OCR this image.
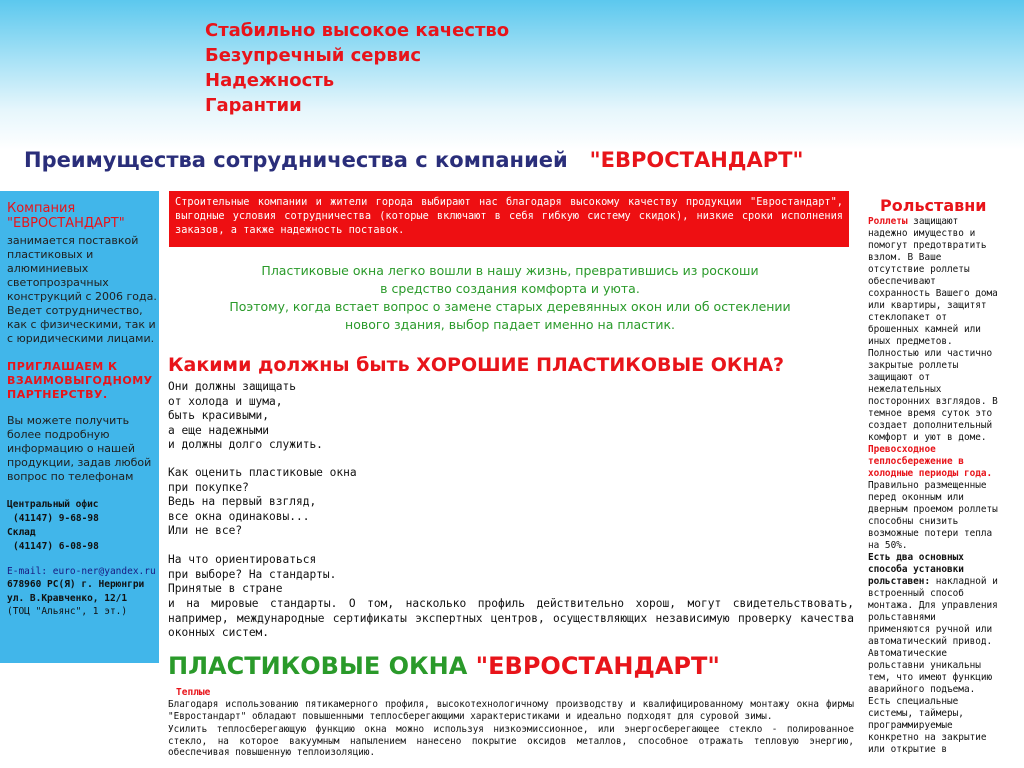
Стабильно высокое качество
Безупречный сервис
Надежность
Гарантии
Преимущества сотрудничества с компанией "ЕВРОСТАНДАРТ"
Компания "ЕВРОСТАНДАРТ"
занимается поставкой пластиковых и алюминиевых светопрозрачных конструкций с 2006 года. Ведет сотрудничество, как с физическими, так и с юридическими лицами.
ПРИГЛАШАЕМ К ВЗАИМОВЫГОДНОМУ ПАРТНЕРСТВУ.
Вы можете получить более подробную информацию о нашей продукции, задав любой вопрос по телефонам
Центральный офис
(41147) 9-68-98
Склад
(41147) 6-08-98
E-mail: euro-ner@yandex.ru
678960 РС(Я) г. Нерюнгри
ул. В.Кравченко, 12/1
(ТОЦ "Альянс", 1 эт.)
Строительные компании и жители города выбирают нас благодаря высокому качеству продукции "Евростандарт", выгодные условия сотрудничества (которые включают в себя гибкую систему скидок), низкие сроки исполнения заказов, а также надежность поставок.
Пластиковые окна легко вошли в нашу жизнь, превратившись из роскоши
в средство создания комфорта и уюта.
Поэтому, когда встает вопрос о замене старых деревянных окон или об остеклении
нового здания, выбор падает именно на пластик.
Какими должны быть ХОРОШИЕ ПЛАСТИКОВЫЕ ОКНА?
Они должны защищать
от холода и шума,
быть красивыми,
а еще надежными
и должны долго служить.
Как оценить пластиковые окна
при покупке?
Ведь на первый взгляд,
все окна одинаковы...
Или не все?
На что ориентироваться
при выборе? На стандарты.
Принятые в стране
и на мировые стандарты. О том, насколько профиль действительно хорош, могут свидетельствовать, например, международные сертификаты экспертных центров, осуществляющих независимую проверку качества оконных систем.
ПЛАСТИКОВЫЕ ОКНА "ЕВРОСТАНДАРТ"
Теплые
Благодаря использованию пятикамерного профиля, высокотехнологичному производству и квалифицированному монтажу окна фирмы "Евростандарт" обладают повышенными теплосберегающими характеристиками и идеально подходят для суровой зимы.
Усилить теплосберегающую функцию окна можно используя низкоэмиссионное, или энергосберегающее стекло - полированное стекло, на которое вакуумным напылением нанесено покрытие оксидов металлов, способное отражать тепловую энергию, обеспечивая повышенную теплоизоляцию.
Рольставни
Роллеты защищают надежно имущество и помогут предотвратить взлом. В Ваше отсутствие роллеты обеспечивают сохранность Вашего дома или квартиры, защитят стеклопакет от брошенных камней или иных предметов. Полностью или частично закрытые роллеты защищают от нежелательных посторонних взглядов. В темное время суток это создает дополнительный комфорт и уют в доме.
Превосходное теплосбережение в холодные периоды года.
Правильно размещенные перед оконным или дверным проемом роллеты способны снизить возможные потери тепла на 50%.
Есть два основных способа установки рольставен: накладной и встроенный способ монтажа. Для управления рольставнями применяются ручной или автоматический привод. Автоматические рольставни уникальны тем, что имеют функцию аварийного подъема. Есть специальные системы, таймеры, программируемые конкретно на закрытие или открытие в
